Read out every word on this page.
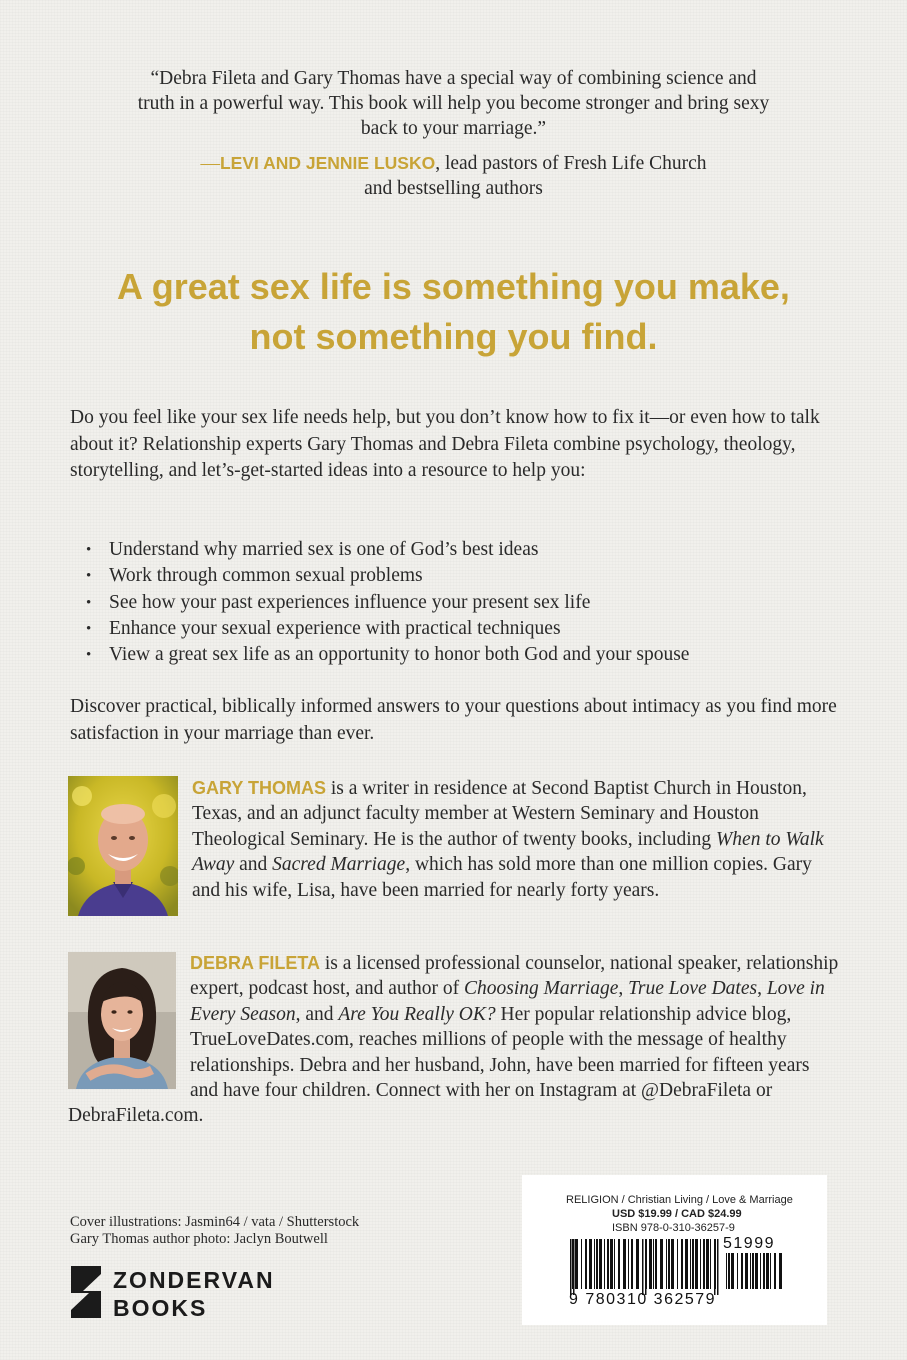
“Debra Fileta and Gary Thomas have a special way of combining science and
truth in a powerful way. This book will help you become stronger and bring sexy
back to your marriage.”

—LEVI AND JENNIE LUSKO, lead pastors of Fresh Life Church
and bestselling authors

A great sex life is something you make,
not something you find.

Do you feel like your sex life needs help, but you don’t know how to fix it—or even how to talk about it? Relationship experts Gary Thomas and Debra Fileta combine psychology, theology, storytelling, and let’s-get-started ideas into a resource to help you:

• Understand why married sex is one of God’s best ideas
• Work through common sexual problems
• See how your past experiences influence your present sex life
• Enhance your sexual experience with practical techniques
• View a great sex life as an opportunity to honor both God and your spouse

Discover practical, biblically informed answers to your questions about intimacy as you find more satisfaction in your marriage than ever.

GARY THOMAS is a writer in residence at Second Baptist Church in Houston, Texas, and an adjunct faculty member at Western Seminary and Houston Theological Seminary. He is the author of twenty books, including When to Walk Away and Sacred Marriage, which has sold more than one million copies. Gary and his wife, Lisa, have been married for nearly forty years.
DEBRA FILETA is a licensed professional counselor, national speaker, relationship expert, podcast host, and author of Choosing Marriage, True Love Dates, Love in Every Season, and Are You Really OK? Her popular relationship advice blog, TrueLoveDates.com, reaches millions of people with the message of healthy relationships. Debra and her husband, John, have been married for fifteen years and have four children. Connect with her on Instagram at @DebraFileta or DebraFileta.com.
Cover illustrations: Jasmin64 / vata / Shutterstock
Gary Thomas author photo: Jaclyn Boutwell
ZONDERVAN
BOOKS
RELIGION / Christian Living / Love & Marriage
USD $19.99 / CAD $24.99
ISBN 978-0-310-36257-9
51999
9 780310 362579
